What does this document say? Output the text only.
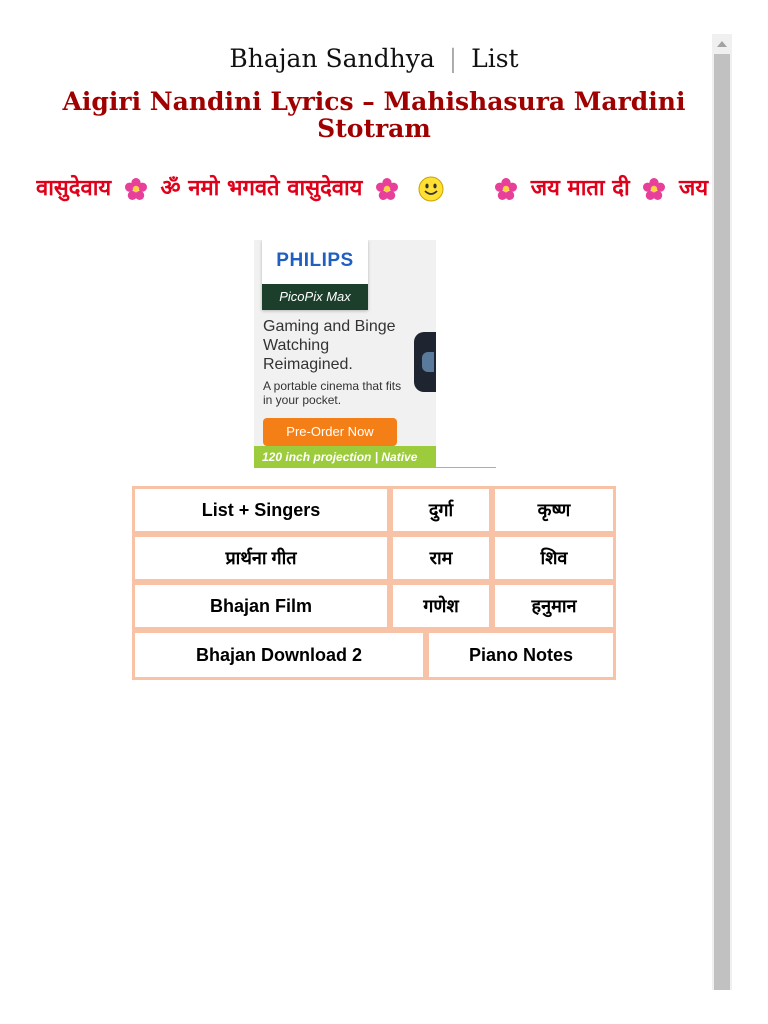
Bhajan Sandhya | List
Aigiri Nandini Lyrics – Mahishasura Mardini Stotram
वासुदेवाय ॐ नमो भगवते वासुदेवाय	जय माता दी जय
PHILIPS
PicoPix Max
Gaming and Binge Watching Reimagined.
A portable cinema that fits in your pocket.
Pre-Order Now
120 inch projection | Native
List + Singers	दुर्गा	कृष्ण
प्रार्थना गीत	राम	शिव
Bhajan Film	गणेश	हनुमान
Bhajan Download 2	Piano Notes
